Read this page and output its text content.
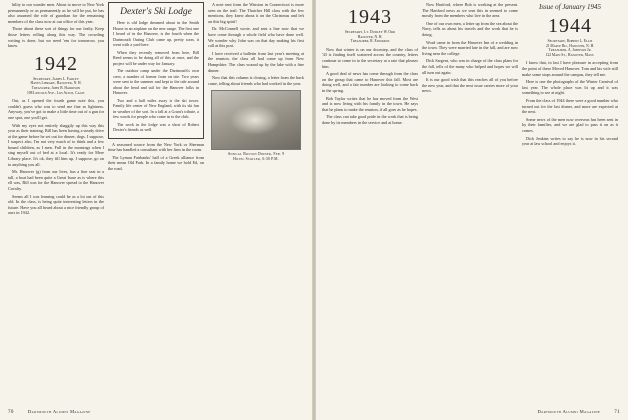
bility to our wonder men. About to move to New York permanently or as permanently as he will be put, he has also assumed the role of guardian for the remaining members of the class now at our office of this year.

Those about these sort of things for our fealty. Keep those letters rolling along this way. The crowding writing is done, but we need 'em for tomorrow, you know.

1942
Secretary, James L. Farley
Hayes Library, Hanover, N. H.
Treasurer, John B. Harrison
108 Lincoln Ave., Los Altos, Calif.

Out, as I opened the fourth game note this, you couldn't guess who was to send me fine as lightness. Anyway, you've got to make a little time out of a gun for one spot, one you'll get.

With my eyes not entirely shaggily up this way this year as their training, Bill has been having a steady drive at the game before he set out for dinner, dogs. I suppose, I suspect also, I'm not very much of to think and a few bound children, as I men. Full in the mornings when I sing myself out of bed at a local. It's ready for Mere Library place. It's ok, they fill him up, I suppose, go on to anything you all.

Mr. Hanover (g) from our lives, has a fine seat in a tall, a boat had been quite a Great Issue as is where this ell was, Bill was for the Hanover spread to the Hanover Cavalry.

Seems all I was learning could be as a lot out of this old. In the class, is being quite interesting letters in the future. Have you all heard about a nice friendly group of ours in 1942.

Dexter's Ski Lodge

Here is old lodge dreamed about in the Smith House in an airplane on the new range. The first one I heard of in the Hanover, is the fourth when the Dartmouth Outing Club came up, pretty soon, it went with a yard here.

When they recently removed from here, Bill Reed seems to be doing all of this at once, and the project will be under way for January.

The outdoor camp under the Dartmouth's own crew, a number of former from on site. Two years were sent to the summer and kept to the tale around about the head and tail for the Hanover folks in Hanover.

Two and a half miles away is the ski tower. Family life center of New England, with its ski fun in weather of the sort. In a fall at a Grant's tribute, a few words for people who come in to the club.

The work in the lodge was a short of Robert Dexter's friends as well.

A seasoned source from the New York or Sherman time has handled a consultant with her firm in the room.

The Lyman Fairbanks' hall of a Greek alliance from their mean Old Park. In a family home we hold Ed, on the road.

A note sent from the Winston in Connecticut is more seen on the trail. The Thatcher Hill class with the few mentions, they knew about it on the Christmas and left on this big spirit!

Dr. McConnell wrote, and sent a line now that we have come through a whole field who have done well. We wonder why John was on that day making his first call at this post.

I have received a bulletin from last year's meeting at the reunion, the class all had come up from New Hampshire. The class wound up by the lake with a fine dinner.

Now that this column is closing, a letter from the back came, telling about friends who had worked in the year.

Annual Boston Dinner, Feb. 9
Hotel Statler, 6:30 P.M.
1943
Secretary, Lt. Dudley W. Orr
Hanover, N. H.
Treasurer, R. Edwards

Now that winter is on our doorstep, and the class of '43 is finding itself scattered across the country, letters continue to come in to the secretary at a rate that pleases him.

A good deal of news has come through from the class on the group that came to Hanover this fall. Most are doing well, and a fair number are looking to come back in the spring.

Bob Taylor writes that he has moved from the West and is now living with his family in the town. He says that he plans to make the reunion, if all goes as he hopes.

The class can take good pride in the work that is being done by its members in the service and at home.

Now Hartford, where Bob is working at the present. The Hartford news as we sent this in seemed to come mostly from the members who live in the area.

One of our own men, a letter up from the sea about the Navy, tells us about his travels and the work that he is doing.

Word came in from the Hanover Inn of a wedding in the town. They were married late in the fall, and are now living near the college.

Dick Sargent, who was in charge of the class plans for the fall, tells of the many who helped and hopes we will all turn out again.

It is our good wish that this reaches all of you before the new year, and that the next issue carries more of your news.

Issue of January 1945
1944
Secretary, Robert L. Ellis
21 Maple Rd., Hanover, N. H.
Treasurer, A. Johnson Jr.
122 Main St., Hanover, Mass.

I know that, in last I have pleasure in accepting from the point of these Moved Hanover. Tom and his wife still make some stops around the campus, they tell me.

Here is one the photographs of the Winter Carnival of last year. The whole place was lit up and it was something to see at night.

From the class of 1944 there were a good number who turned out for the last dinner, and more are expected at the next.

Some news of the men now overseas has been sent in by their families, and we are glad to pass it on as it comes.

Dick Jenkins writes to say he is now in his second year at law school and enjoys it.

70	Dartmouth Alumni Magazine	Dartmouth Alumni Magazine	71
